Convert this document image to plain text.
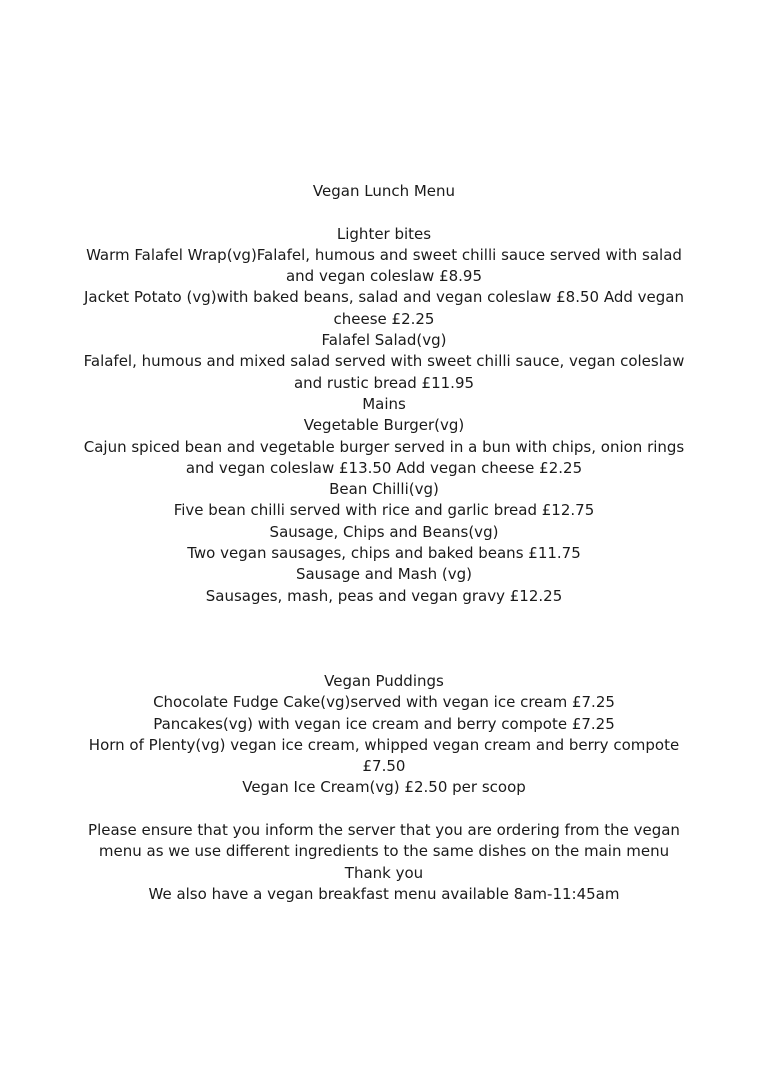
Vegan Lunch Menu

Lighter bites

Warm Falafel Wrap(vg)Falafel, humous and sweet chilli sauce served with salad

and vegan coleslaw £8.95

Jacket Potato (vg)with baked beans, salad and vegan coleslaw £8.50 Add vegan

cheese £2.25

Falafel Salad(vg)

Falafel, humous and mixed salad served with sweet chilli sauce, vegan coleslaw

and rustic bread £11.95

Mains

Vegetable Burger(vg)

Cajun spiced bean and vegetable burger served in a bun with chips, onion rings

and vegan coleslaw £13.50 Add vegan cheese £2.25

Bean Chilli(vg)

Five bean chilli served with rice and garlic bread £12.75

Sausage, Chips and Beans(vg)

Two vegan sausages, chips and baked beans £11.75

Sausage and Mash (vg)

Sausages, mash, peas and vegan gravy £12.25

Vegan Puddings

Chocolate Fudge Cake(vg)served with vegan ice cream £7.25

Pancakes(vg) with vegan ice cream and berry compote £7.25

Horn of Plenty(vg) vegan ice cream, whipped vegan cream and berry compote

£7.50

Vegan Ice Cream(vg) £2.50 per scoop

Please ensure that you inform the server that you are ordering from the vegan

menu as we use different ingredients to the same dishes on the main menu

Thank you

We also have a vegan breakfast menu available 8am-11:45am
